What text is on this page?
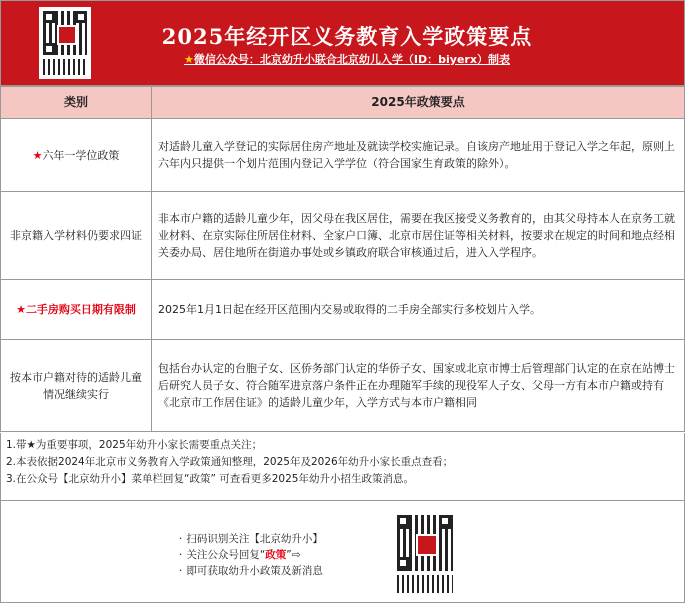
2025年经开区义务教育入学政策要点
★微信公众号：北京幼升小联合北京幼儿入学（ID：biyerx）制表
类别	2025年政策要点
★六年一学位政策	对适龄儿童入学登记的实际居住房产地址及就读学校实施记录。自该房产地址用于登记入学之年起，原则上六年内只提供一个划片范围内登记入学学位（符合国家生育政策的除外）。
非京籍入学材料仍要求四证	非本市户籍的适龄儿童少年，因父母在我区居住，需要在我区接受义务教育的，由其父母持本人在京务工就业材料、在京实际住所居住材料、全家户口簿、北京市居住证等相关材料，按要求在规定的时间和地点经相关委办局、居住地所在街道办事处或乡镇政府联合审核通过后，进入入学程序。
★二手房购买日期有限制	2025年1月1日起在经开区范围内交易或取得的二手房全部实行多校划片入学。
按本市户籍对待的适龄儿童情况继续实行	包括台办认定的台胞子女、区侨务部门认定的华侨子女、国家或北京市博士后管理部门认定的在京在站博士后研究人员子女、符合随军进京落户条件正在办理随军手续的现役军人子女、父母一方有本市户籍或持有《北京市工作居住证》的适龄儿童少年，入学方式与本市户籍相同
1.带★为重要事项，2025年幼升小家长需要重点关注；
2.本表依据2024年北京市义务教育入学政策通知整理，2025年及2026年幼升小家长重点查看；
3.在公众号【北京幼升小】菜单栏回复“政策” 可查看更多2025年幼升小招生政策消息。
· 扫码识别关注【北京幼升小】
· 关注公众号回复“政策”⇨
· 即可获取幼升小政策及新消息
